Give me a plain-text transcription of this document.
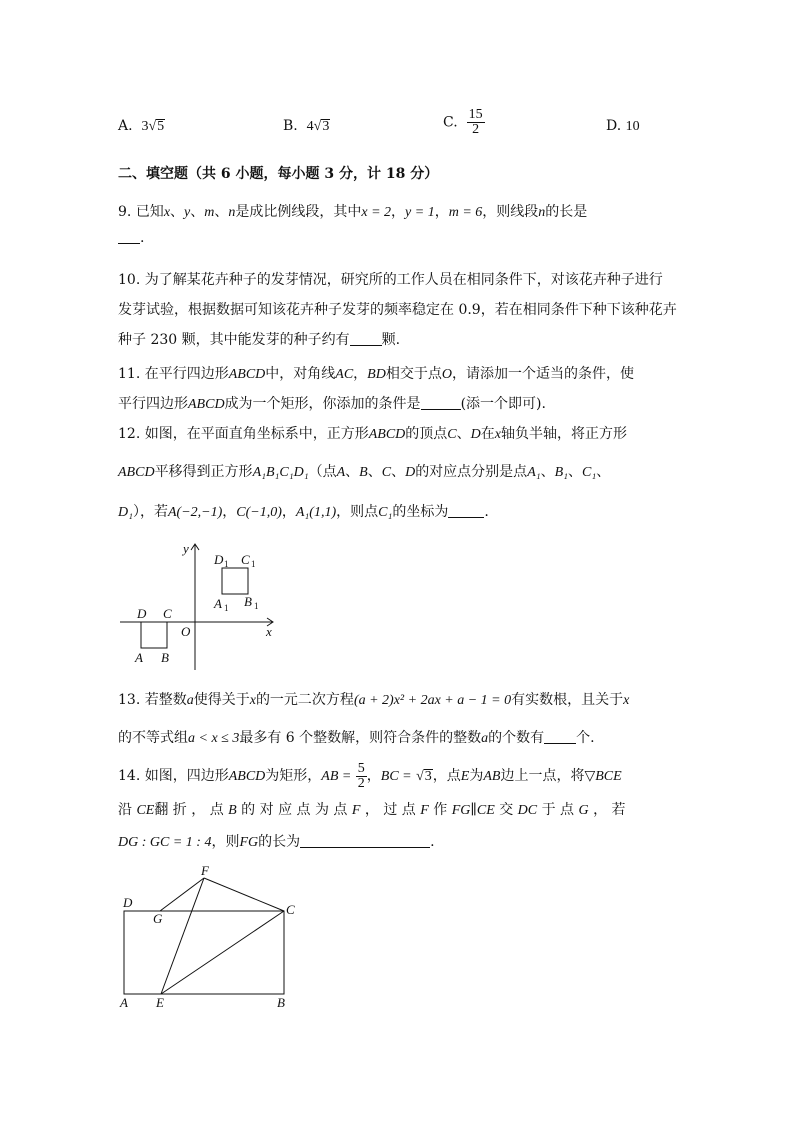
A. 3√5	B. 4√3	C. $\frac{15}{2}$	D. 10
二、填空题（共 6 小题，每小题 3 分，计 18 分）
9. 已知x、y、m、n是成比例线段，其中x = 2，y = 1，m = 6，则线段n的长是
.
10. 为了解某花卉种子的发芽情况，研究所的工作人员在相同条件下，对该花卉种子进行
发芽试验，根据数据可知该花卉种子发芽的频率稳定在 0.9，若在相同条件下种下该种花卉
种子 230 颗，其中能发芽的种子约有 颗.
11. 在平行四边形ABCD中，对角线AC，BD相交于点O，请添加一个适当的条件，使
平行四边形ABCD成为一个矩形，你添加的条件是	(添一个即可).
12. 如图，在平面直角坐标系中，正方形ABCD的顶点C、D在x轴负半轴，将正方形
ABCD平移得到正方形A₁B₁C₁D₁（点A、B、C、D的对应点分别是点A₁、B₁、C₁、
D₁），若A(−2,−1)，C(−1,0)，A₁(1,1)，则点C₁的坐标为	.
y
x
O
D C
A B
D 1 C 1
A 1 B 1
13. 若整数a使得关于x的一元二次方程(a + 2)x² + 2ax + a − 1 = 0有实数根，且关于x
的不等式组a < x ≤ 3最多有 6 个整数解，则符合条件的整数a的个数有 个.
14. 如图，四边形ABCD为矩形，AB = $\frac{5}{2}$ ，BC = √3，点E为AB边上一点，将▽BCE
沿 CE翻 折 ， 点 B 的 对 应 点 为 点 F ， 过 点 F 作 FG∥CE 交 DC 于 点 G ， 若
DG : GC = 1 : 4，则FG的长为	.
F
D
G
C
A E	B
